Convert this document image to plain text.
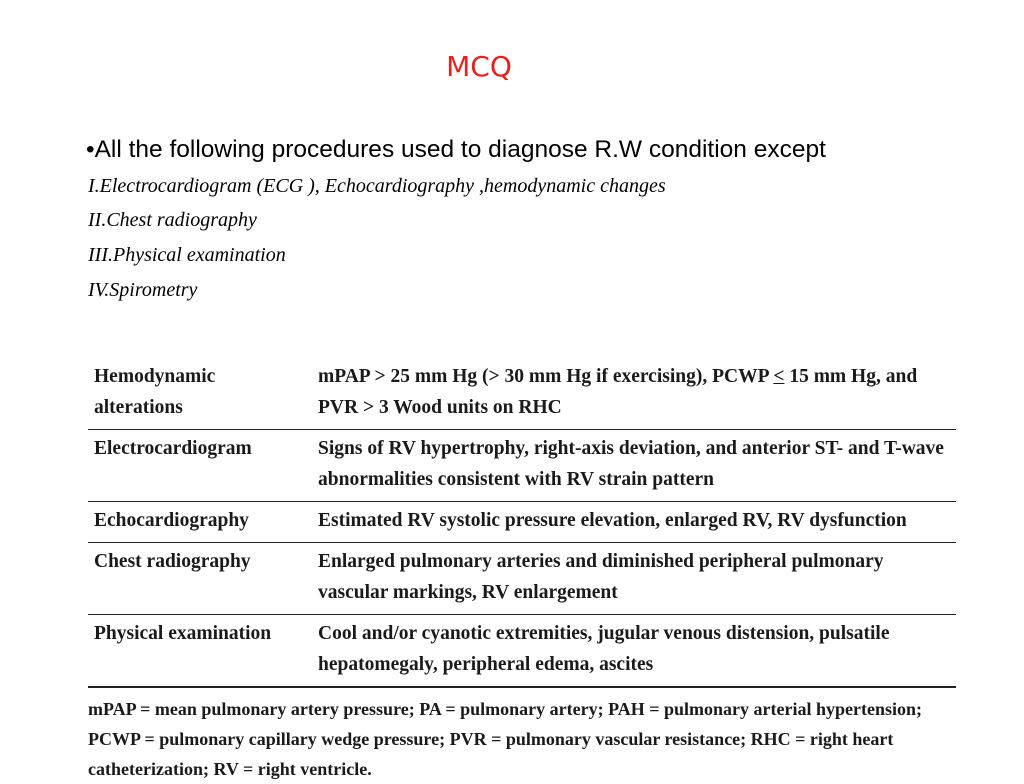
MCQ
•All the following procedures used to diagnose R.W condition except
I.Electrocardiogram (ECG ), Echocardiography ,hemodynamic changes
II.Chest radiography
III.Physical examination
IV.Spirometry
Hemodynamic alterations	mPAP > 25 mm Hg (> 30 mm Hg if exercising), PCWP ≤ 15 mm Hg, and PVR > 3 Wood units on RHC
Electrocardiogram	Signs of RV hypertrophy, right-axis deviation, and anterior ST- and T-wave abnormalities consistent with RV strain pattern
Echocardiography	Estimated RV systolic pressure elevation, enlarged RV, RV dysfunction
Chest radiography	Enlarged pulmonary arteries and diminished peripheral pulmonary vascular markings, RV enlargement
Physical examination	Cool and/or cyanotic extremities, jugular venous distension, pulsatile hepatomegaly, peripheral edema, ascites
mPAP = mean pulmonary artery pressure; PA = pulmonary artery; PAH = pulmonary arterial hypertension; PCWP = pulmonary capillary wedge pressure; PVR = pulmonary vascular resistance; RHC = right heart catheterization; RV = right ventricle.
